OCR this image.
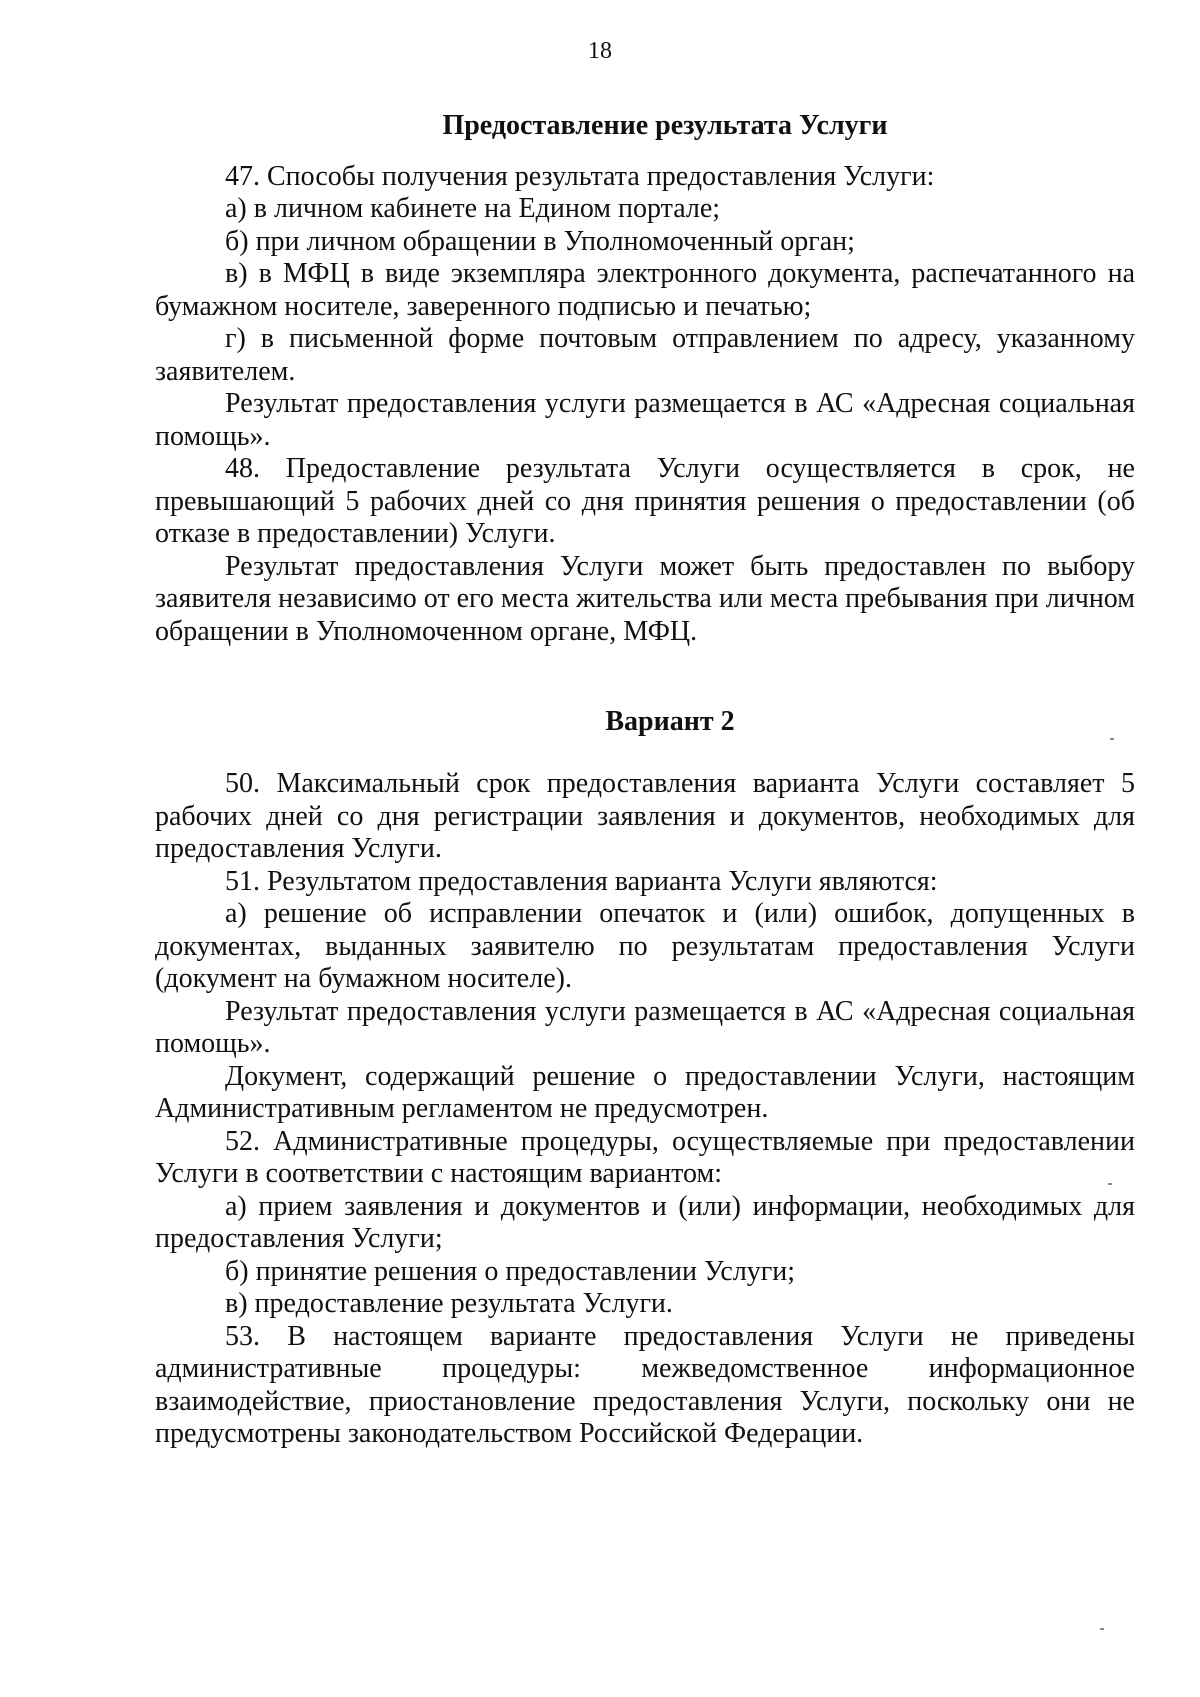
18

Предоставление результата Услуги

47. Способы получения результата предоставления Услуги:

а) в личном кабинете на Едином портале;

б) при личном обращении в Уполномоченный орган;

в) в МФЦ в виде экземпляра электронного документа, распечатанного на бумажном носителе, заверенного подписью и печатью;

г) в письменной форме почтовым отправлением по адресу, указанному заявителем.

Результат предоставления услуги размещается в АС «Адресная социальная помощь».

48. Предоставление результата Услуги осуществляется в срок, не превышающий 5 рабочих дней со дня принятия решения о предоставлении (об отказе в предоставлении) Услуги.

Результат предоставления Услуги может быть предоставлен по выбору заявителя независимо от его места жительства или места пребывания при личном обращении в Уполномоченном органе, МФЦ.

Вариант 2

50. Максимальный срок предоставления варианта Услуги составляет 5 рабочих дней со дня регистрации заявления и документов, необходимых для предоставления Услуги.

51. Результатом предоставления варианта Услуги являются:

а) решение об исправлении опечаток и (или) ошибок, допущенных в документах, выданных заявителю по результатам предоставления Услуги (документ на бумажном носителе).

Результат предоставления услуги размещается в АС «Адресная социальная помощь».

Документ, содержащий решение о предоставлении Услуги, настоящим Административным регламентом не предусмотрен.

52. Административные процедуры, осуществляемые при предоставлении Услуги в соответствии с настоящим вариантом:

а) прием заявления и документов и (или) информации, необходимых для предоставления Услуги;

б) принятие решения о предоставлении Услуги;

в) предоставление результата Услуги.

53. В настоящем варианте предоставления Услуги не приведены административные процедуры: межведомственное информационное взаимодействие, приостановление предоставления Услуги, поскольку они не предусмотрены законодательством Российской Федерации.
